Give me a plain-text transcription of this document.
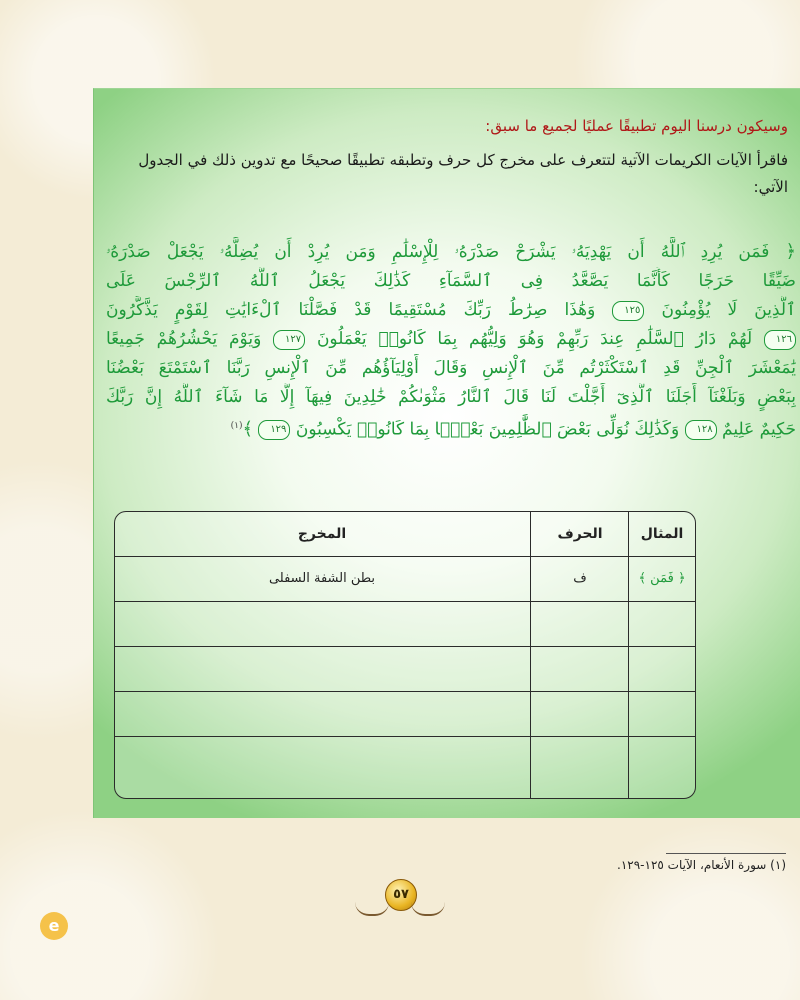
وسيكون درسنا اليوم تطبيقًا عمليًا لجميع ما سبق:
فاقرأ الآيات الكريمات الآتية لتتعرف على مخرج كل حرف وتطبقه تطبيقًا صحيحًا مع تدوين ذلك في الجدول الآتي:
﴿ فَمَن يُرِدِ ٱللَّهُ أَن يَهْدِيَهُۥ يَشْرَحْ صَدْرَهُۥ لِلْإِسْلَٰمِ وَمَن يُرِدْ أَن يُضِلَّهُۥ يَجْعَلْ صَدْرَهُۥ
ضَيِّقًا حَرَجًا كَأَنَّمَا يَصَّعَّدُ فِى ٱلسَّمَآءِ كَذَٰلِكَ يَجْعَلُ ٱللَّهُ ٱلرِّجْسَ عَلَى
ٱلَّذِينَ لَا يُؤْمِنُونَ ١٢٥ وَهَٰذَا صِرَٰطُ رَبِّكَ مُسْتَقِيمًا قَدْ فَصَّلْنَا ٱلْءَايَٰتِ لِقَوْمٍ يَذَّكَّرُونَ
١٢٦ لَهُمْ دَارُ ٱلسَّلَٰمِ عِندَ رَبِّهِمْ وَهُوَ وَلِيُّهُم بِمَا كَانُوا۟ يَعْمَلُونَ ١٢٧ وَيَوْمَ يَحْشُرُهُمْ جَمِيعًا
يَٰمَعْشَرَ ٱلْجِنِّ قَدِ ٱسْتَكْثَرْتُم مِّنَ ٱلْإِنسِ وَقَالَ أَوْلِيَآؤُهُم مِّنَ ٱلْإِنسِ رَبَّنَا ٱسْتَمْتَعَ بَعْضُنَا
بِبَعْضٍ وَبَلَغْنَآ أَجَلَنَا ٱلَّذِىٓ أَجَّلْتَ لَنَا قَالَ ٱلنَّارُ مَثْوَىٰكُمْ خَٰلِدِينَ فِيهَآ إِلَّا مَا شَآءَ ٱللَّهُ إِنَّ رَبَّكَ
حَكِيمٌ عَلِيمٌ ١٢٨ وَكَذَٰلِكَ نُوَلِّى بَعْضَ ٱلظَّٰلِمِينَ بَعْضًۢا بِمَا كَانُوا۟ يَكْسِبُونَ ١٢٩ ﴾$^{(١)}$
المثال
الحرف
المخرج
﴿ فَمَن ﴾
ف
بطن الشفة السفلى
(١) سورة الأنعام، الآيات ١٢٥-١٢٩.
٥٧
e
